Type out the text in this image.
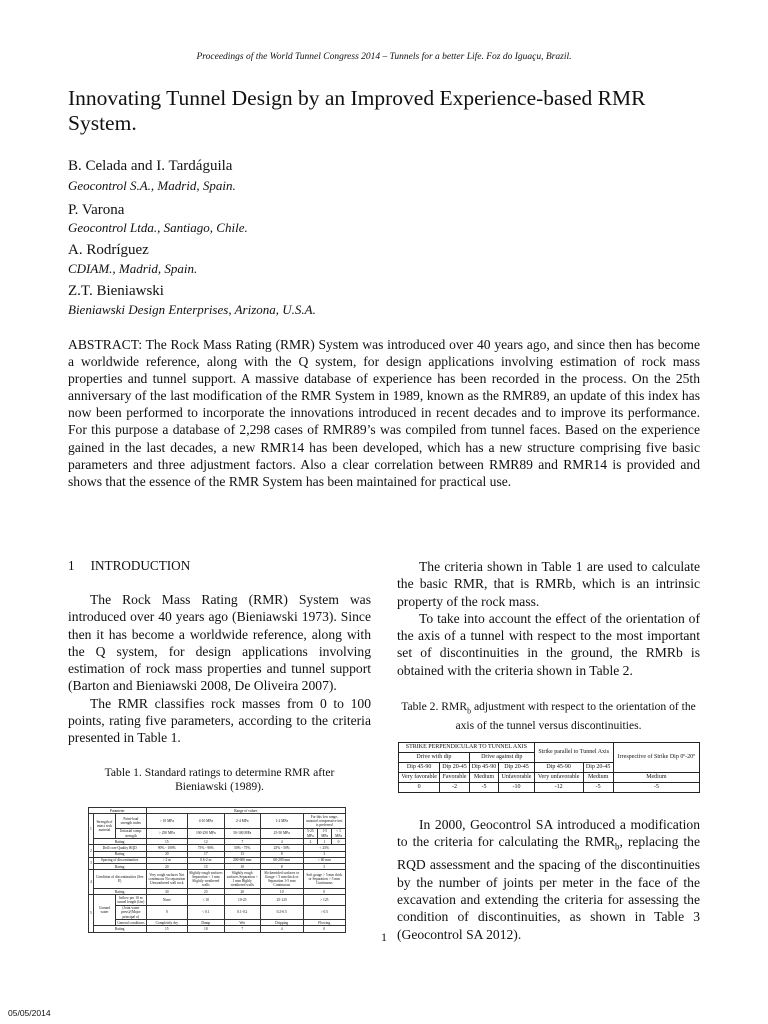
Proceedings of the World Tunnel Congress 2014 – Tunnels for a better Life. Foz do Iguaçu, Brazil.
Innovating Tunnel Design by an Improved Experience-based RMR System.
B. Celada and I. Tardáguila
Geocontrol S.A., Madrid, Spain.
P. Varona
Geocontrol Ltda., Santiago, Chile.
A. Rodríguez
CDIAM., Madrid, Spain.
Z.T. Bieniawski
Bieniawski Design Enterprises, Arizona, U.S.A.
ABSTRACT: The Rock Mass Rating (RMR) System was introduced over 40 years ago, and since then has become a worldwide reference, along with the Q system, for design applications involving estimation of rock mass properties and tunnel support. A massive database of experience has been recorded in the process. On the 25th anniversary of the last modification of the RMR System in 1989, known as the RMR89, an update of this index has now been performed to incorporate the innovations introduced in recent decades and to improve its performance. For this purpose a database of 2,298 cases of RMR89’s was compiled from tunnel faces. Based on the experience gained in the last decades, a new RMR14 has been developed, which has a new structure comprising five basic parameters and three adjustment factors. Also a clear correlation between RMR89 and RMR14 is provided and shows that the essence of the RMR System has been maintained for practical use.
1 INTRODUCTION

The Rock Mass Rating (RMR) System was introduced over 40 years ago (Bieniawski 1973). Since then it has become a worldwide reference, along with the Q system, for design applications involving estimation of rock mass properties and tunnel support (Barton and Bieniawski 2008, De Oliveira 2007).

The RMR classifies rock masses from 0 to 100 points, rating five parameters, according to the criteria presented in Table 1.

Table 1. Standard ratings to determine RMR after Bieniawski (1989).
Parameter			Range of values						
1	Strength of intact rock material	Point-load strength index	> 10 MPa	4-10 MPa	2-4 MPa	1-2 MPa	For this low range, uniaxial compressive test is preferred		
		Uniaxial comp. strength	> 250 MPa	100-250 MPa	50-100 MPa	25-50 MPa	5-25 MPa	1-5 MPa	< 1 MPa
	Rating		15	12	7	4	2	1	0
2	Drill core Quality RQD		90% - 100%	75% - 90%	50% - 75%	25% - 50%	< 25%		
	Rating		20	17	13	8	3		
3	Spacing of discontinuities		> 2 m	0.6-2 m	200-600 mm	60-200 mm	< 60 mm		
	Rating		20	15	10	8	5		
4	Condition of discontinuities (See E)		Very rough surfaces Not continuous No separation Unweathered wall rock	Slightly rough surfaces Separation < 1 mm Slightly weathered walls	Slightly rough surfaces Separation < 1 mm Highly weathered walls	Slickensided surfaces or Gouge < 5 mm thick or Separation 1-5 mm Continuous	Soft gouge > 5 mm thick or Separation > 5 mm Continuous		
	Rating		30	25	20	10	0		
5	Ground water	Inflow per 10 m tunnel length (l/m)	None	< 10	10-25	25-125	> 125		
		(Joint water press)/(Major principal σ)	0	< 0.1	0.1-0.2	0.2-0.5	> 0.5		
		General conditions	Completely dry	Damp	Wet	Dripping	Flowing		
	Rating		15	10	7	4	0		

The criteria shown in Table 1 are used to calculate the basic RMR, that is RMRb, which is an intrinsic property of the rock mass.

To take into account the effect of the orientation of the axis of a tunnel with respect to the most important set of discontinuities in the ground, the RMRb is obtained with the criteria shown in Table 2.

Table 2. $RMR_b$ adjustment with respect to the orientation of the axis of the tunnel versus discontinuities.
STRIKE PERPENDICULAR TO TUNNEL AXIS				Strike parallel to Tunnel Axis		Irrespective of Strike Dip 0º-20º
Drive with dip		Drive against dip				
Dip 45-90	Dip 20-45	Dip 45-90	Dip 20-45	Dip 45-90	Dip 20-45	
Very favorable	Favorable	Medium	Unfavorable	Very unfavorable	Medium	Medium
0	-2	-5	-10	-12	-5	-5

In 2000, Geocontrol SA introduced a modification to the criteria for calculating the $RMR_b$, replacing the RQD assessment and the spacing of the discontinuities by the number of joints per meter in the face of the excavation and extending the criteria for assessing the condition of discontinuities, as shown in Table 3 (Geocontrol SA 2012).

1
05/05/2014
